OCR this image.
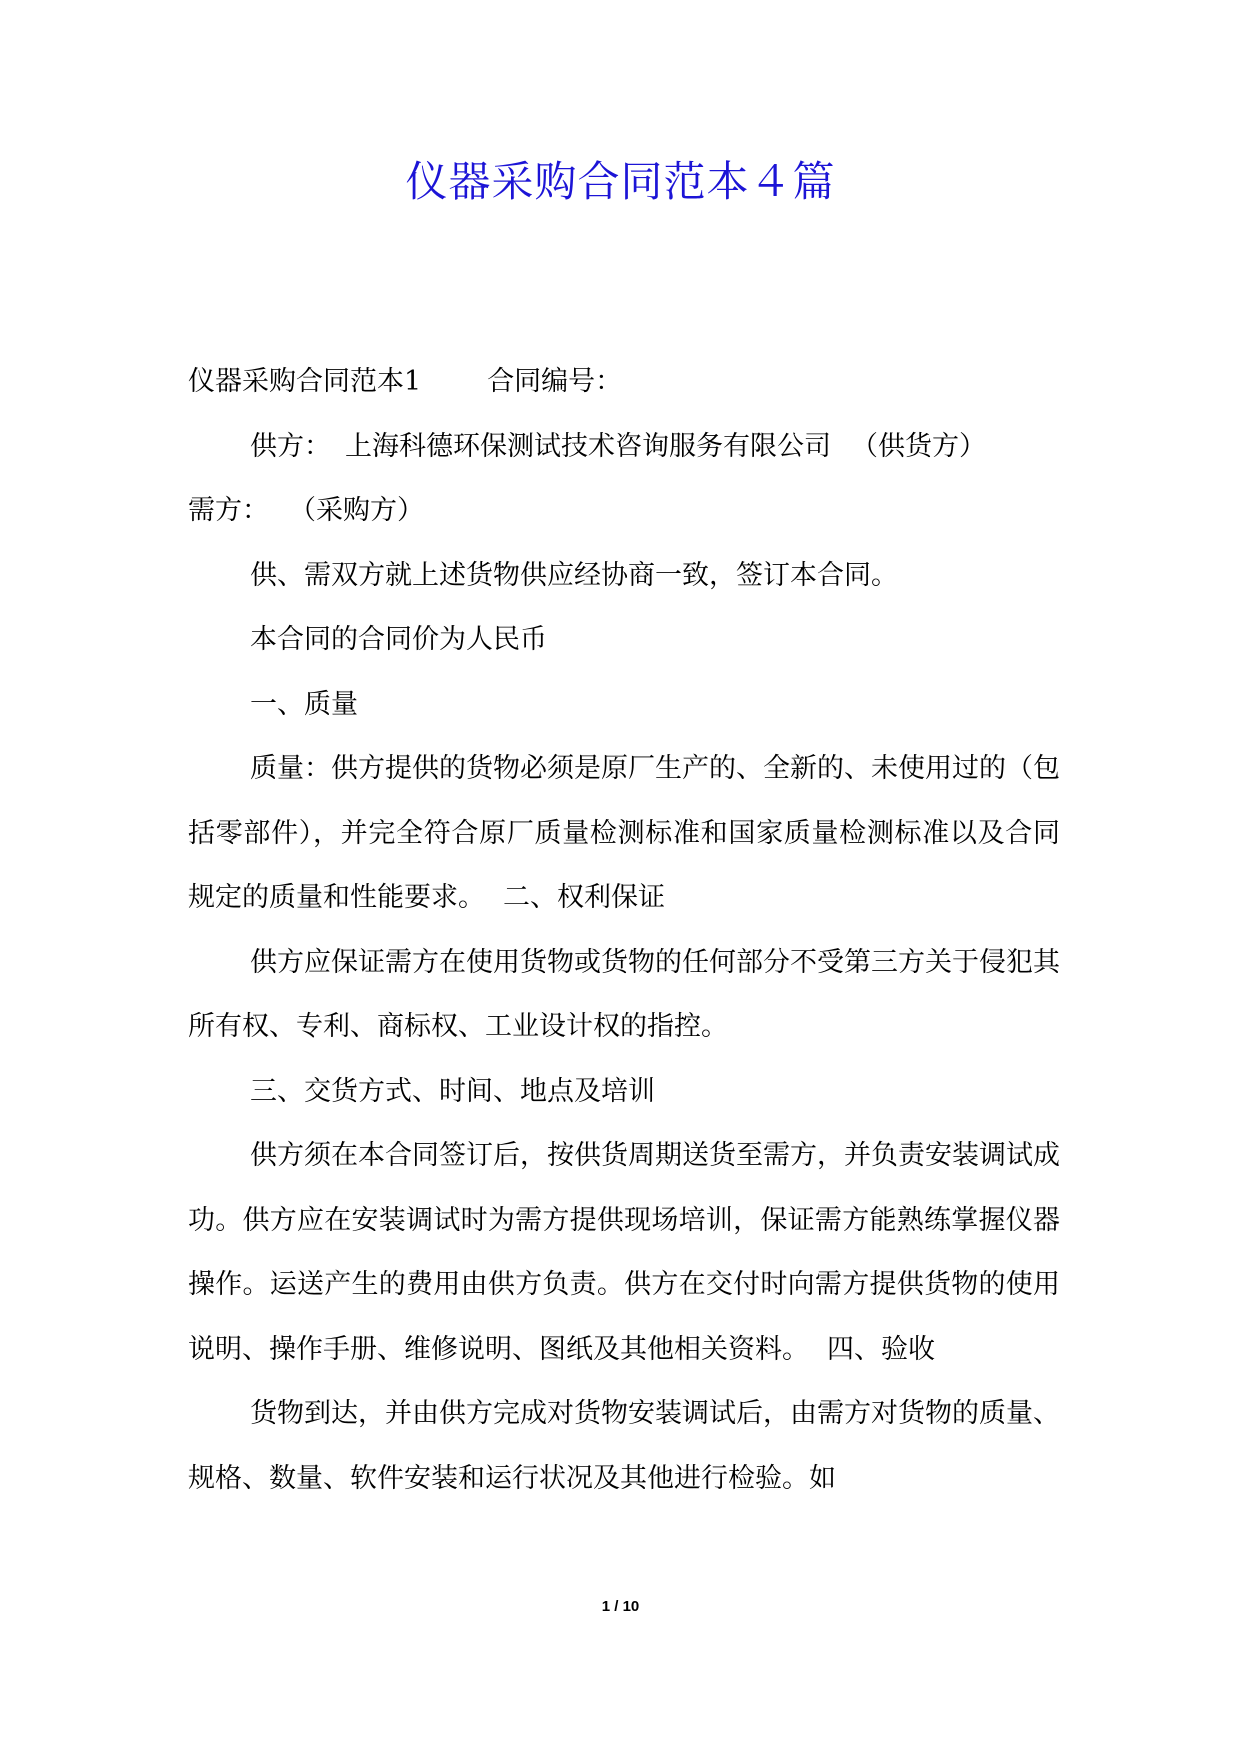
仪器采购合同范本４篇

仪器采购合同范本1 合同编号：

供方： 上海科德环保测试技术咨询服务有限公司 （供货方）

需方： （采购方）

供、需双方就上述货物供应经协商一致，签订本合同。

本合同的合同价为人民币

一、质量

质量：供方提供的货物必须是原厂生产的、全新的、未使用过的（包括零部件），并完全符合原厂质量检测标准和国家质量检测标准以及合同规定的质量和性能要求。 二、权利保证

供方应保证需方在使用货物或货物的任何部分不受第三方关于侵犯其所有权、专利、商标权、工业设计权的指控。

三、交货方式、时间、地点及培训

供方须在本合同签订后，按供货周期送货至需方，并负责安装调试成功。供方应在安装调试时为需方提供现场培训，保证需方能熟练掌握仪器操作。运送产生的费用由供方负责。供方在交付时向需方提供货物的使用说明、操作手册、维修说明、图纸及其他相关资料。 四、验收

货物到达，并由供方完成对货物安装调试后，由需方对货物的质量、规格、数量、软件安装和运行状况及其他进行检验。如

1 / 10
